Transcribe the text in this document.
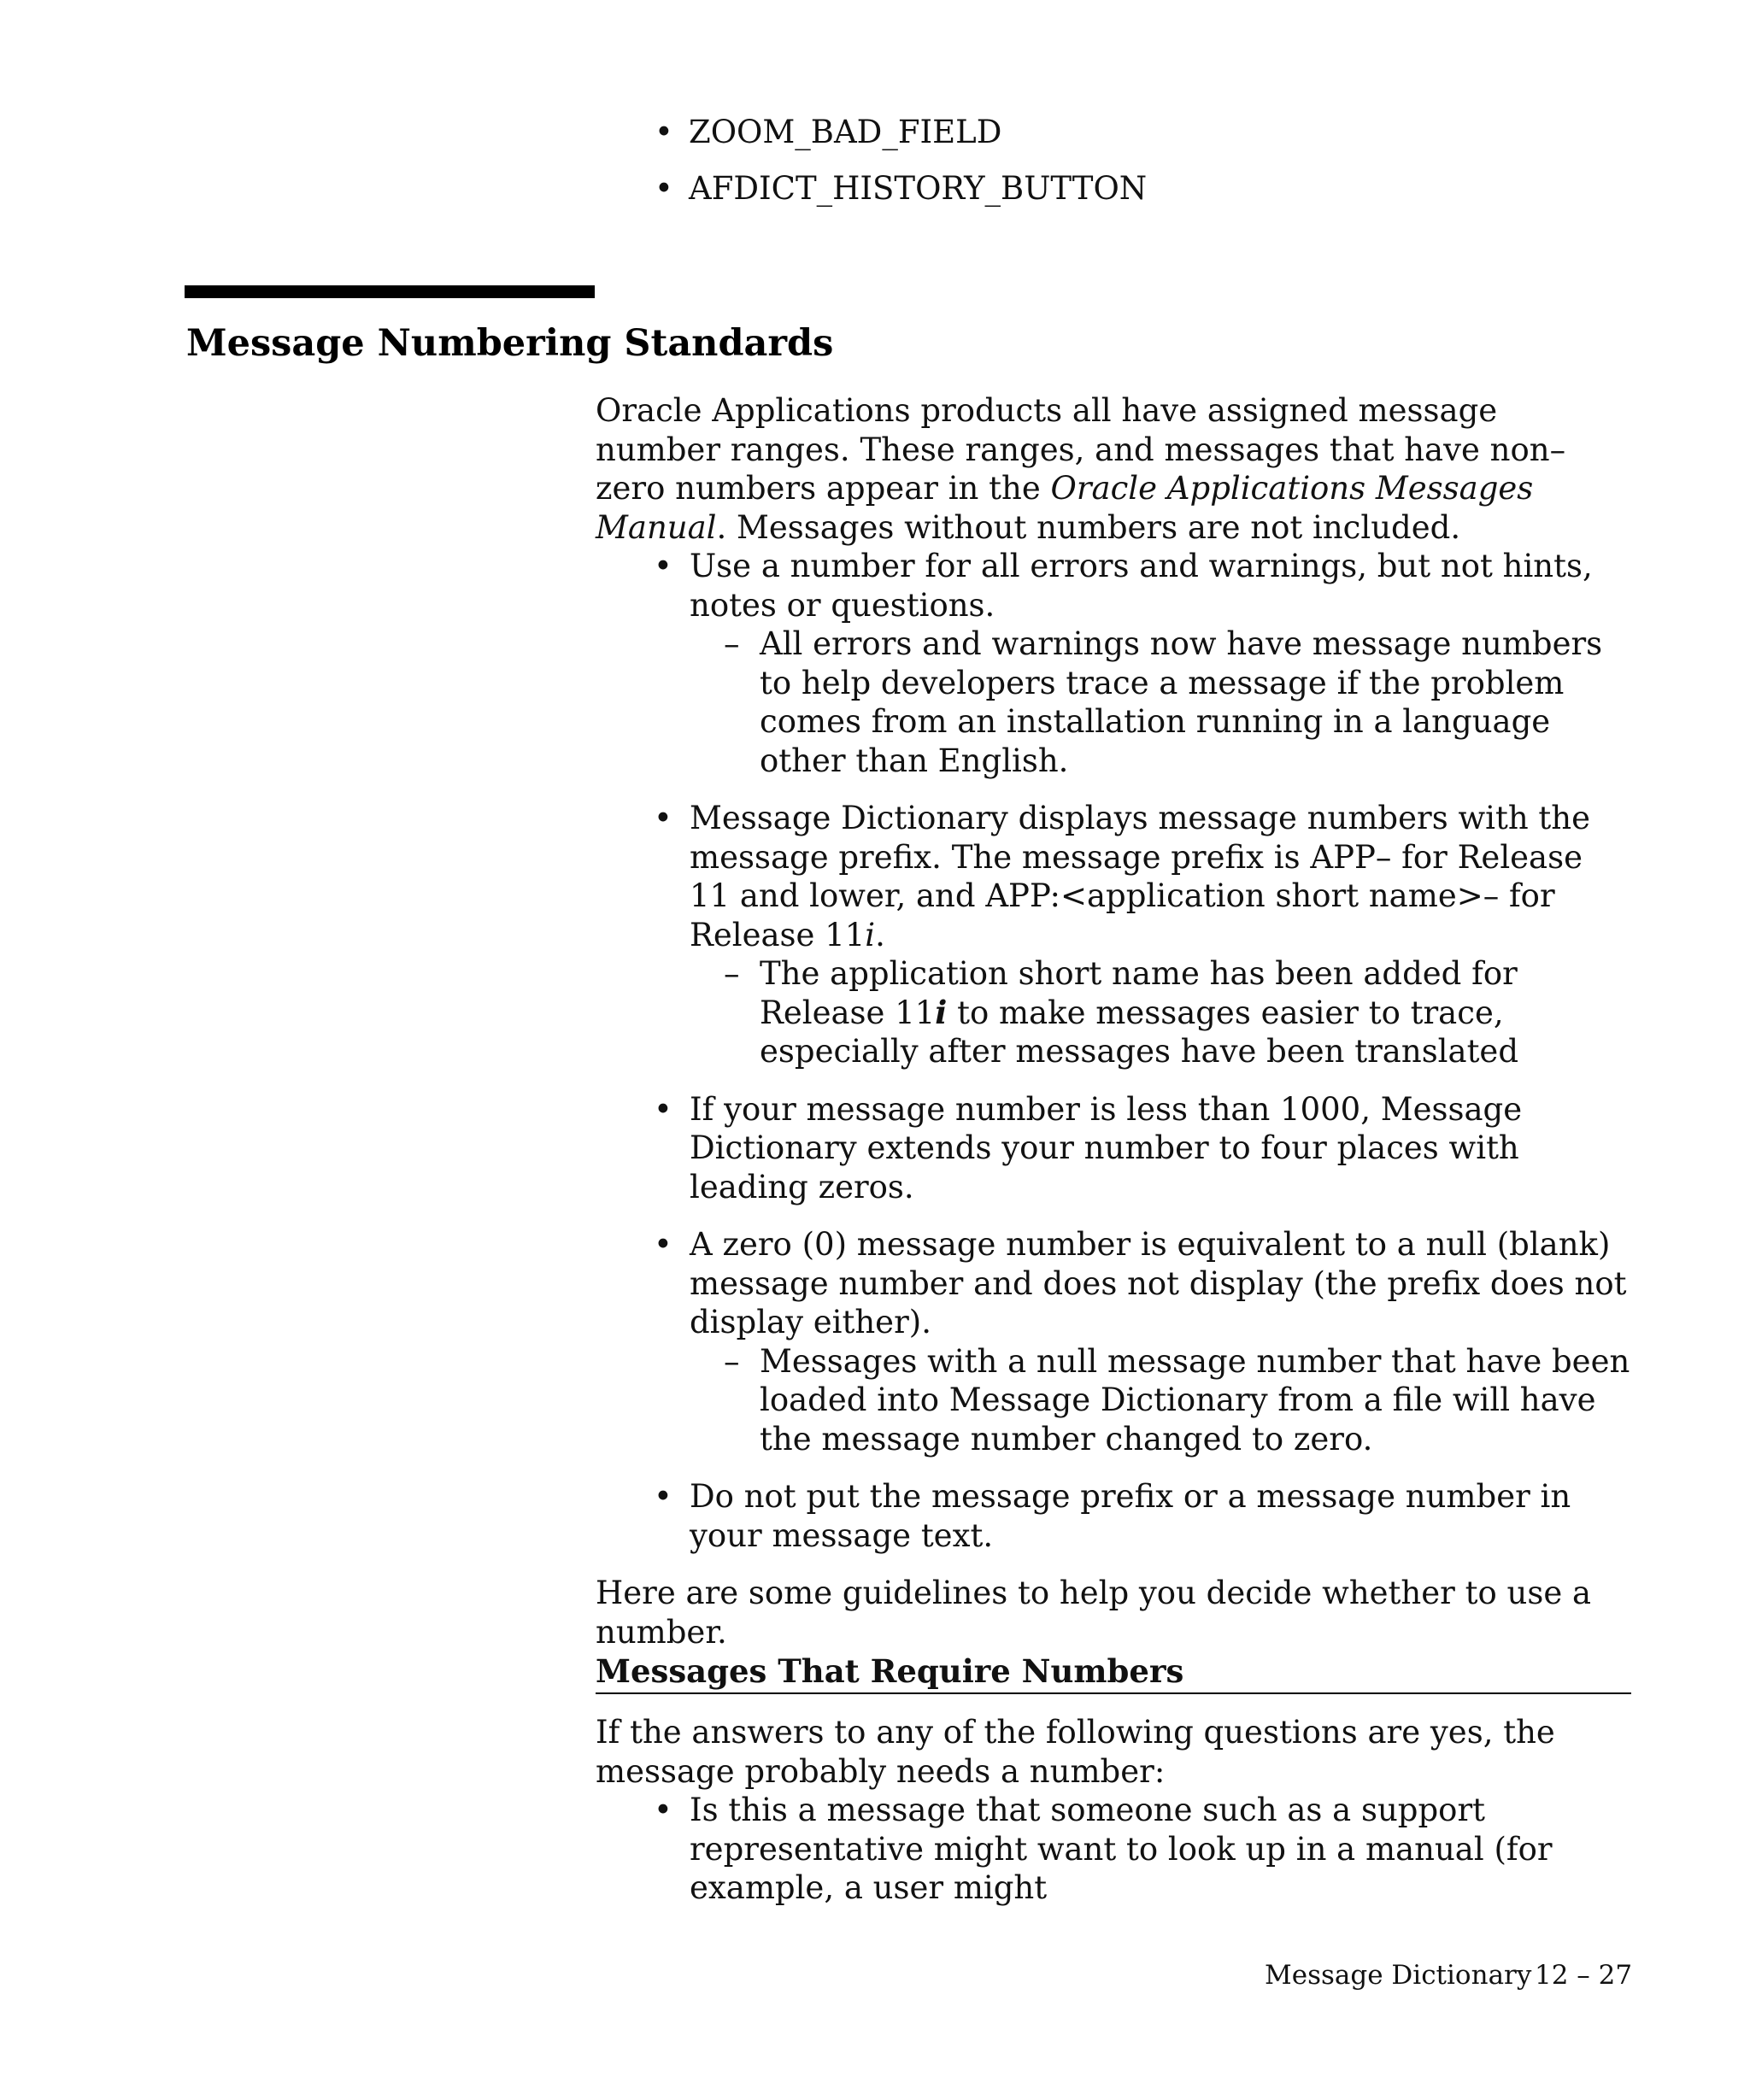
• ZOOM_BAD_FIELD
• AFDICT_HISTORY_BUTTON
Message Numbering Standards

Oracle Applications products all have assigned message number ranges. These ranges, and messages that have non–zero numbers appear in the Oracle Applications Messages Manual. Messages without numbers are not included.

• Use a number for all errors and warnings, but not hints, notes or questions.
– All errors and warnings now have message numbers to help developers trace a message if the problem comes from an installation running in a language other than English.
• Message Dictionary displays message numbers with the message prefix. The message prefix is APP– for Release 11 and lower, and APP:<application short name>– for Release 11i.
– The application short name has been added for Release 11i to make messages easier to trace, especially after messages have been translated
• If your message number is less than 1000, Message Dictionary extends your number to four places with leading zeros.
• A zero (0) message number is equivalent to a null (blank) message number and does not display (the prefix does not display either).
– Messages with a null message number that have been loaded into Message Dictionary from a file will have the message number changed to zero.
• Do not put the message prefix or a message number in your message text.

Here are some guidelines to help you decide whether to use a number.

Messages That Require Numbers

If the answers to any of the following questions are yes, the message probably needs a number:

• Is this a message that someone such as a support representative might want to look up in a manual (for example, a user might
Message Dictionary 12 – 27
